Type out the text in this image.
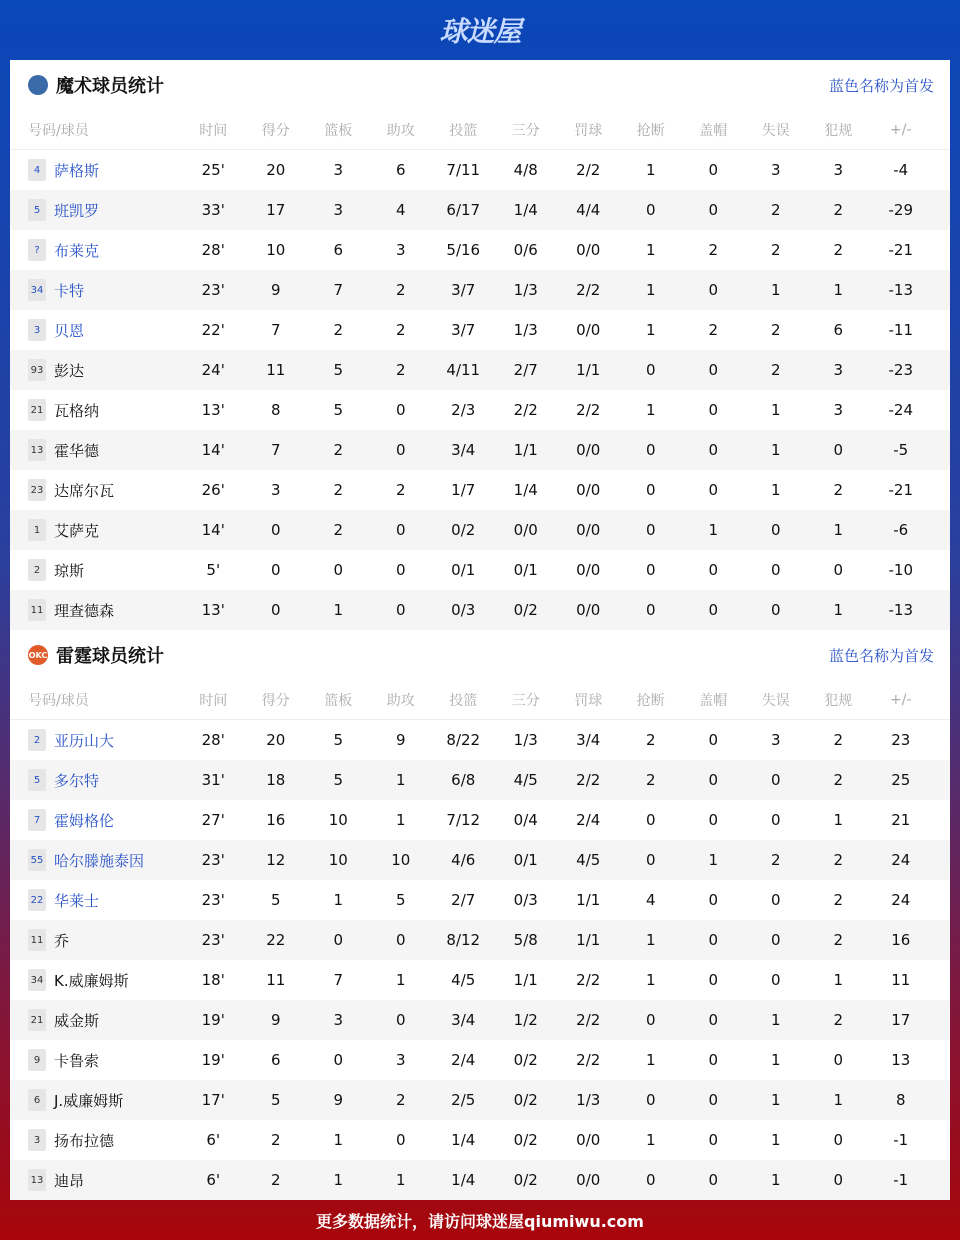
球迷屋
魔术球员统计	蓝色名称为首发
号码/球员	时间	得分	篮板	助攻	投篮	三分	罚球	抢断	盖帽	失误	犯规	+/-
4 萨格斯	25'	20	3	6	7/11	4/8	2/2	1	0	3	3	-4
5 班凯罗	33'	17	3	4	6/17	1/4	4/4	0	0	2	2	-29
? 布莱克	28'	10	6	3	5/16	0/6	0/0	1	2	2	2	-21
34 卡特	23'	9	7	2	3/7	1/3	2/2	1	0	1	1	-13
3 贝恩	22'	7	2	2	3/7	1/3	0/0	1	2	2	6	-11
93 彭达	24'	11	5	2	4/11	2/7	1/1	0	0	2	3	-23
21 瓦格纳	13'	8	5	0	2/3	2/2	2/2	1	0	1	3	-24
13 霍华德	14'	7	2	0	3/4	1/1	0/0	0	0	1	0	-5
23 达席尔瓦	26'	3	2	2	1/7	1/4	0/0	0	0	1	2	-21
1 艾萨克	14'	0	2	0	0/2	0/0	0/0	0	1	0	1	-6
2 琼斯	5'	0	0	0	0/1	0/1	0/0	0	0	0	0	-10
11 理查德森	13'	0	1	0	0/3	0/2	0/0	0	0	0	1	-13
OKC 雷霆球员统计	蓝色名称为首发
号码/球员	时间	得分	篮板	助攻	投篮	三分	罚球	抢断	盖帽	失误	犯规	+/-
2 亚历山大	28'	20	5	9	8/22	1/3	3/4	2	0	3	2	23
5 多尔特	31'	18	5	1	6/8	4/5	2/2	2	0	0	2	25
7 霍姆格伦	27'	16	10	1	7/12	0/4	2/4	0	0	0	1	21
55 哈尔滕施泰因	23'	12	10	10	4/6	0/1	4/5	0	1	2	2	24
22 华莱士	23'	5	1	5	2/7	0/3	1/1	4	0	0	2	24
11 乔	23'	22	0	0	8/12	5/8	1/1	1	0	0	2	16
34 K.威廉姆斯	18'	11	7	1	4/5	1/1	2/2	1	0	0	1	11
21 威金斯	19'	9	3	0	3/4	1/2	2/2	0	0	1	2	17
9 卡鲁索	19'	6	0	3	2/4	0/2	2/2	1	0	1	0	13
6 J.威廉姆斯	17'	5	9	2	2/5	0/2	1/3	0	0	1	1	8
3 扬布拉德	6'	2	1	0	1/4	0/2	0/0	1	0	1	0	-1
13 迪昂	6'	2	1	1	1/4	0/2	0/0	0	0	1	0	-1
更多数据统计，请访问球迷屋qiumiwu.com
